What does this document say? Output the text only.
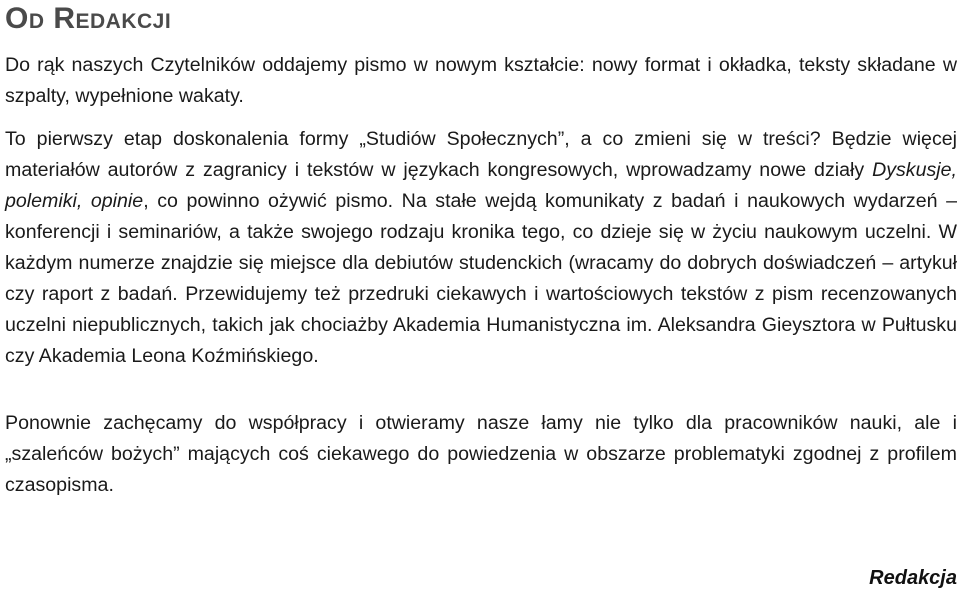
Od Redakcji

Do rąk naszych Czytelników oddajemy pismo w nowym kształcie: nowy format i okładka, teksty składane w szpalty, wypełnione wakaty.

To pierwszy etap doskonalenia formy „Studiów Społecznych”, a co zmieni się w treści? Będzie więcej materiałów autorów z zagranicy i tekstów w językach kongresowych, wprowadzamy nowe działy Dyskusje, polemiki, opinie, co powinno ożywić pismo. Na stałe wejdą komunikaty z badań i naukowych wydarzeń – konferencji i seminariów, a także swojego rodzaju kronika tego, co dzieje się w życiu naukowym uczelni. W każdym numerze znajdzie się miejsce dla debiutów studenckich (wracamy do dobrych doświadczeń – artykuł czy raport z badań. Przewidujemy też przedruki ciekawych i wartościowych tekstów z pism recenzowanych uczelni niepublicznych, takich jak chociażby Akademia Humanistyczna im. Aleksandra Gieysztora w Pułtusku czy Akademia Leona Koźmińskiego.

Ponownie zachęcamy do współpracy i otwieramy nasze łamy nie tylko dla pracowników nauki, ale i „szaleńców bożych” mających coś ciekawego do powiedzenia w obszarze problematyki zgodnej z profilem czasopisma.

Redakcja
